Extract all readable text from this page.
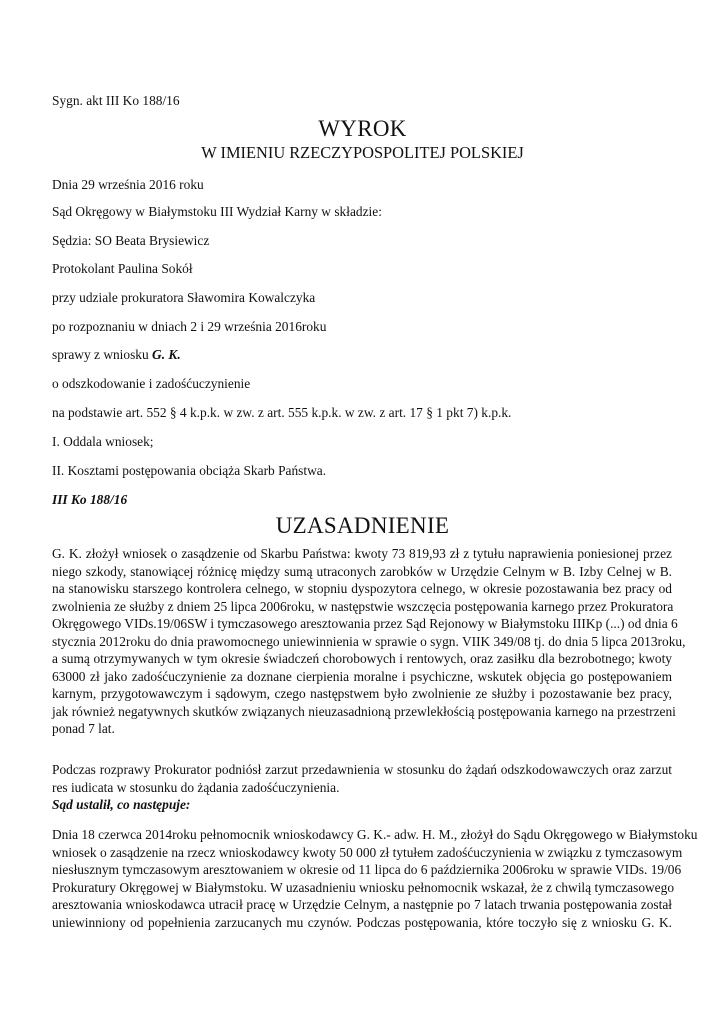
Sygn. akt III Ko 188/16
WYROK
W IMIENIU RZECZYPOSPOLITEJ POLSKIEJ
Dnia 29 września 2016 roku
Sąd Okręgowy w Białymstoku III Wydział Karny w składzie:
Sędzia: SO Beata Brysiewicz
Protokolant Paulina Sokół
przy udziale prokuratora Sławomira Kowalczyka
po rozpoznaniu w dniach 2 i 29 września 2016roku
sprawy z wniosku G. K.
o odszkodowanie i zadośćuczynienie
na podstawie art. 552 § 4 k.p.k. w zw. z art. 555 k.p.k. w zw. z art. 17 § 1 pkt 7) k.p.k.
I. Oddala wniosek;
II. Kosztami postępowania obciąża Skarb Państwa.
III Ko 188/16
UZASADNIENIE
G. K. złożył wniosek o zasądzenie od Skarbu Państwa: kwoty 73 819,93 zł z tytułu naprawienia poniesionej przez
niego szkody, stanowiącej różnicę między sumą utraconych zarobków w Urzędzie Celnym w B. Izby Celnej w B.
na stanowisku starszego kontrolera celnego, w stopniu dyspozytora celnego, w okresie pozostawania bez pracy od
zwolnienia ze służby z dniem 25 lipca 2006roku, w następstwie wszczęcia postępowania karnego przez Prokuratora
Okręgowego VIDs.19/06SW i tymczasowego aresztowania przez Sąd Rejonowy w Białymstoku IIIKp (...) od dnia 6
stycznia 2012roku do dnia prawomocnego uniewinnienia w sprawie o sygn. VIIK 349/08 tj. do dnia 5 lipca 2013roku,
a sumą otrzymywanych w tym okresie świadczeń chorobowych i rentowych, oraz zasiłku dla bezrobotnego; kwoty
63000 zł jako zadośćuczynienie za doznane cierpienia moralne i psychiczne, wskutek objęcia go postępowaniem
karnym, przygotowawczym i sądowym, czego następstwem było zwolnienie ze służby i pozostawanie bez pracy,
jak również negatywnych skutków związanych nieuzasadnioną przewlekłością postępowania karnego na przestrzeni
ponad 7 lat.
Podczas rozprawy Prokurator podniósł zarzut przedawnienia w stosunku do żądań odszkodowawczych oraz zarzut
res iudicata w stosunku do żądania zadośćuczynienia.
Sąd ustalił, co następuje:
Dnia 18 czerwca 2014roku pełnomocnik wnioskodawcy G. K.- adw. H. M., złożył do Sądu Okręgowego w Białymstoku
wniosek o zasądzenie na rzecz wnioskodawcy kwoty 50 000 zł tytułem zadośćuczynienia w związku z tymczasowym
niesłusznym tymczasowym aresztowaniem w okresie od 11 lipca do 6 października 2006roku w sprawie VIDs. 19/06
Prokuratury Okręgowej w Białymstoku. W uzasadnieniu wniosku pełnomocnik wskazał, że z chwilą tymczasowego
aresztowania wnioskodawca utracił pracę w Urzędzie Celnym, a następnie po 7 latach trwania postępowania został
uniewinniony od popełnienia zarzucanych mu czynów. Podczas postępowania, które toczyło się z wniosku G. K.
